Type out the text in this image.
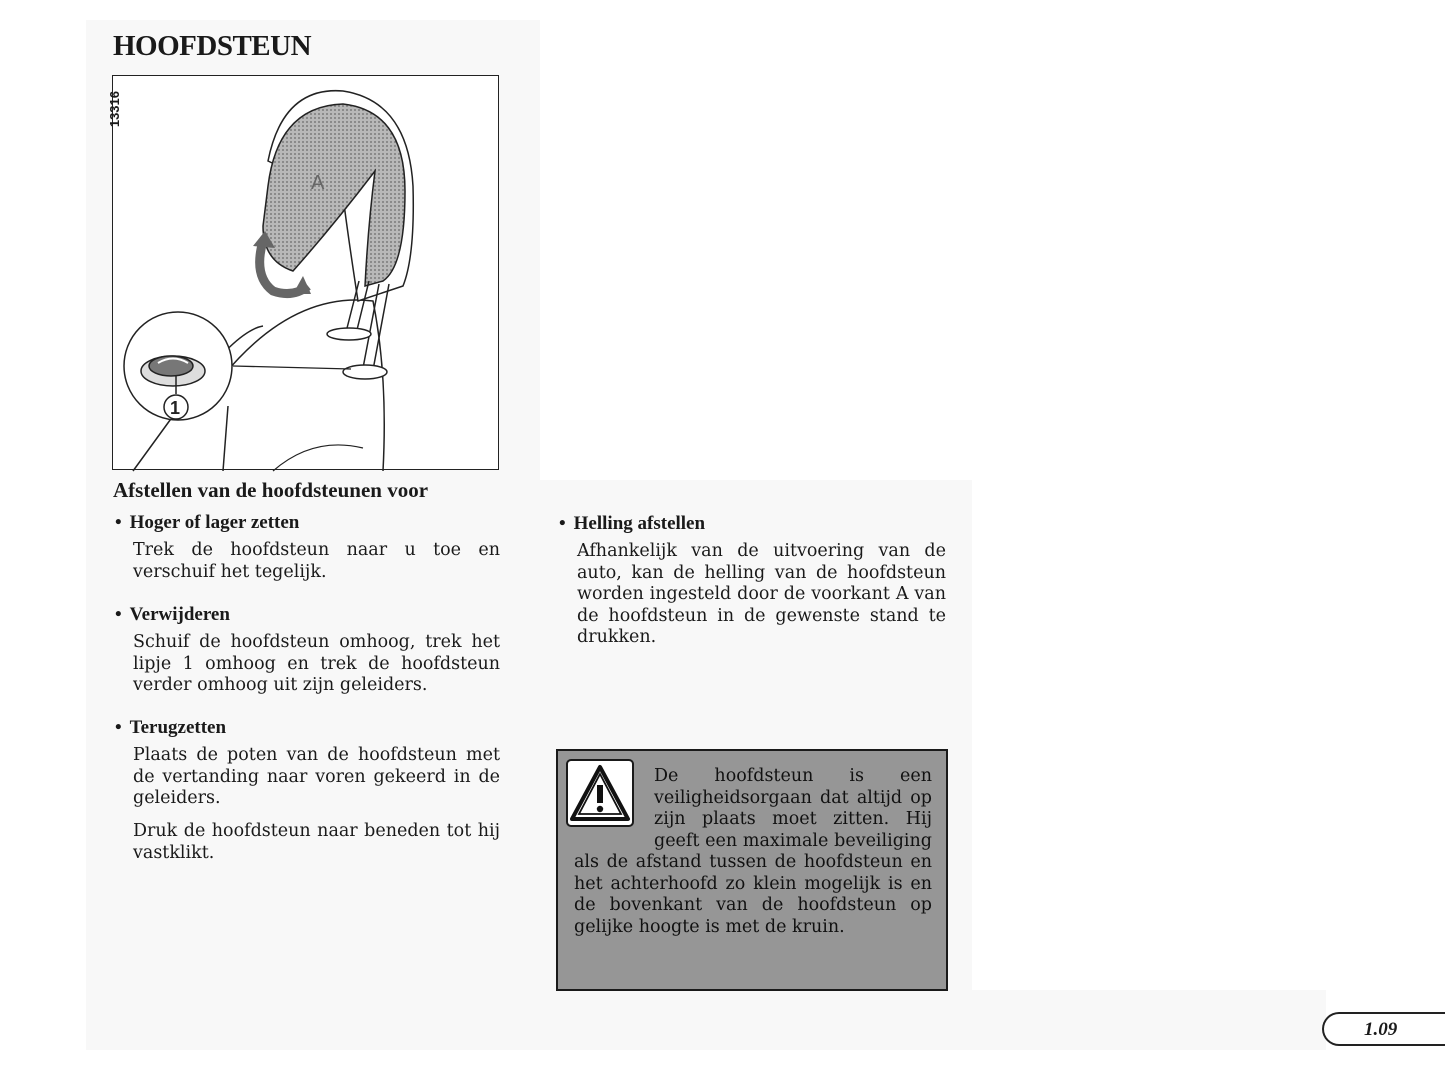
HOOFDSTEUN
13316
A
1
Afstellen van de hoofdsteunen voor
• Hoger of lager zetten

Trek de hoofdsteun naar u toe en verschuif het tegelijk.

• Verwijderen

Schuif de hoofdsteun omhoog, trek het lipje 1 omhoog en trek de hoofdsteun verder omhoog uit zijn geleiders.

• Terugzetten

Plaats de poten van de hoofdsteun met de vertanding naar voren gekeerd in de geleiders.

Druk de hoofdsteun naar beneden tot hij vastklikt.

• Helling afstellen

Afhankelijk van de uitvoering van de auto, kan de helling van de hoofdsteun worden ingesteld door de voorkant A van de hoofdsteun in de gewenste stand te drukken.

De hoofdsteun is een veiligheidsorgaan dat altijd op zijn plaats moet zitten. Hij geeft een maximale beveiliging als de afstand tussen de hoofdsteun en het achterhoofd zo klein mogelijk is en de bovenkant van de hoofdsteun op gelijke hoogte is met de kruin.

1.09
